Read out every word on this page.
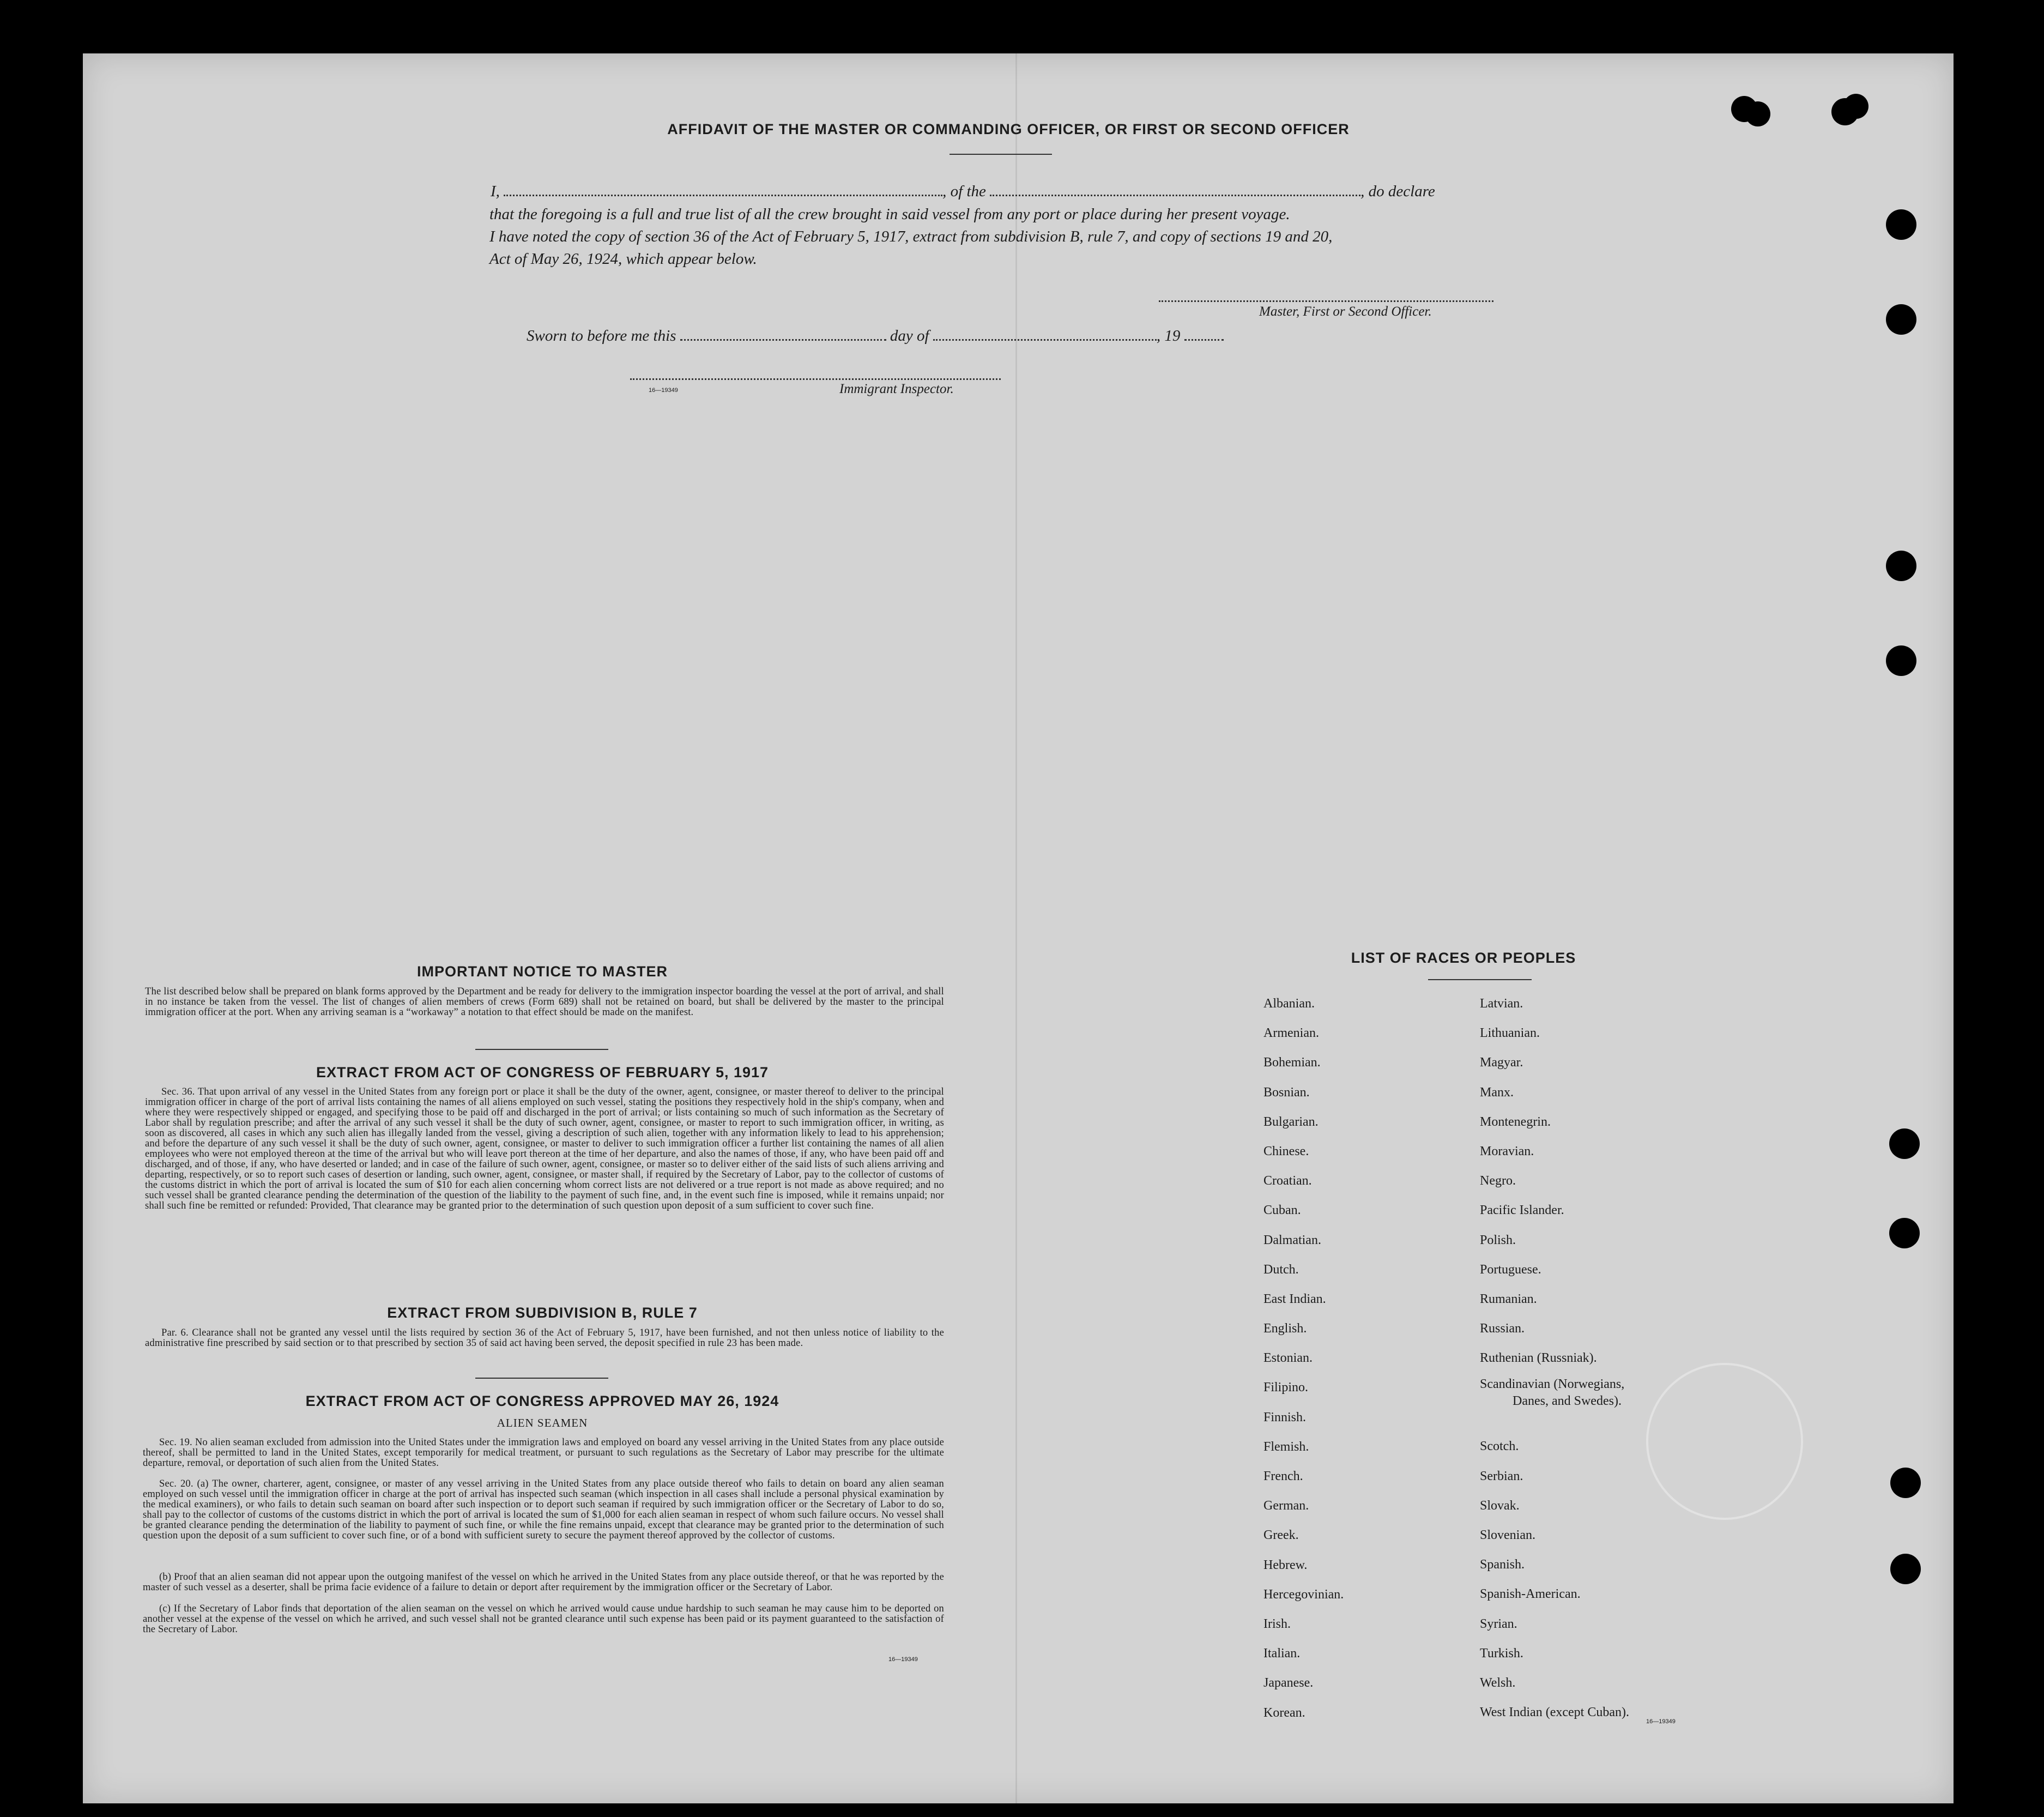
AFFIDAVIT OF THE MASTER OR COMMANDING OFFICER, OR FIRST OR SECOND OFFICER
I,	, of the	, do declare
that the foregoing is a full and true list of all the crew brought in said vessel from any port or place during her present voyage.
I have noted the copy of section 36 of the Act of February 5, 1917, extract from subdivision B, rule 7, and copy of sections 19 and 20,
Act of May 26, 1924, which appear below.
Master, First or Second Officer.
Sworn to before me this	day of	, 19
16—19349	Immigrant Inspector.
IMPORTANT NOTICE TO MASTER
The list described below shall be prepared on blank forms approved by the Department and be ready for delivery to the immigration inspector boarding the vessel at the port of arrival, and shall in no instance be taken from the vessel. The list of changes of alien members of crews (Form 689) shall not be retained on board, but shall be delivered by the master to the principal immigration officer at the port. When any arriving seaman is a “workaway” a notation to that effect should be made on the manifest.
EXTRACT FROM ACT OF CONGRESS OF FEBRUARY 5, 1917
Sec. 36. That upon arrival of any vessel in the United States from any foreign port or place it shall be the duty of the owner, agent, consignee, or master thereof to deliver to the principal immigration officer in charge of the port of arrival lists containing the names of all aliens employed on such vessel, stating the positions they respectively hold in the ship's company, when and where they were respectively shipped or engaged, and specifying those to be paid off and discharged in the port of arrival; or lists containing so much of such information as the Secretary of Labor shall by regulation prescribe; and after the arrival of any such vessel it shall be the duty of such owner, agent, consignee, or master to report to such immigration officer, in writing, as soon as discovered, all cases in which any such alien has illegally landed from the vessel, giving a description of such alien, together with any information likely to lead to his apprehension; and before the departure of any such vessel it shall be the duty of such owner, agent, consignee, or master to deliver to such immigration officer a further list containing the names of all alien employees who were not employed thereon at the time of the arrival but who will leave port thereon at the time of her departure, and also the names of those, if any, who have been paid off and discharged, and of those, if any, who have deserted or landed; and in case of the failure of such owner, agent, consignee, or master so to deliver either of the said lists of such aliens arriving and departing, respectively, or so to report such cases of desertion or landing, such owner, agent, consignee, or master shall, if required by the Secretary of Labor, pay to the collector of customs of the customs district in which the port of arrival is located the sum of $10 for each alien concerning whom correct lists are not delivered or a true report is not made as above required; and no such vessel shall be granted clearance pending the determination of the question of the liability to the payment of such fine, and, in the event such fine is imposed, while it remains unpaid; nor shall such fine be remitted or refunded: Provided, That clearance may be granted prior to the determination of such question upon deposit of a sum sufficient to cover such fine.
EXTRACT FROM SUBDIVISION B, RULE 7
Par. 6. Clearance shall not be granted any vessel until the lists required by section 36 of the Act of February 5, 1917, have been furnished, and not then unless notice of liability to the administrative fine prescribed by said section or to that prescribed by section 35 of said act having been served, the deposit specified in rule 23 has been made.
EXTRACT FROM ACT OF CONGRESS APPROVED MAY 26, 1924
ALIEN SEAMEN
Sec. 19. No alien seaman excluded from admission into the United States under the immigration laws and employed on board any vessel arriving in the United States from any place outside thereof, shall be permitted to land in the United States, except temporarily for medical treatment, or pursuant to such regulations as the Secretary of Labor may prescribe for the ultimate departure, removal, or deportation of such alien from the United States.
Sec. 20. (a) The owner, charterer, agent, consignee, or master of any vessel arriving in the United States from any place outside thereof who fails to detain on board any alien seaman employed on such vessel until the immigration officer in charge at the port of arrival has inspected such seaman (which inspection in all cases shall include a personal physical examination by the medical examiners), or who fails to detain such seaman on board after such inspection or to deport such seaman if required by such immigration officer or the Secretary of Labor to do so, shall pay to the collector of customs of the customs district in which the port of arrival is located the sum of $1,000 for each alien seaman in respect of whom such failure occurs. No vessel shall be granted clearance pending the determination of the liability to payment of such fine, or while the fine remains unpaid, except that clearance may be granted prior to the determination of such question upon the deposit of a sum sufficient to cover such fine, or of a bond with sufficient surety to secure the payment thereof approved by the collector of customs.
(b) Proof that an alien seaman did not appear upon the outgoing manifest of the vessel on which he arrived in the United States from any place outside thereof, or that he was reported by the master of such vessel as a deserter, shall be prima facie evidence of a failure to detain or deport after requirement by the immigration officer or the Secretary of Labor.
(c) If the Secretary of Labor finds that deportation of the alien seaman on the vessel on which he arrived would cause undue hardship to such seaman he may cause him to be deported on another vessel at the expense of the vessel on which he arrived, and such vessel shall not be granted clearance until such expense has been paid or its payment guaranteed to the satisfaction of the Secretary of Labor.
16—19349
LIST OF RACES OR PEOPLES
Albanian.
Armenian.
Bohemian.
Bosnian.
Bulgarian.
Chinese.
Croatian.
Cuban.
Dalmatian.
Dutch.
East Indian.
English.
Estonian.
Filipino.
Finnish.
Flemish.
French.
German.
Greek.
Hebrew.
Hercegovinian.
Irish.
Italian.
Japanese.
Korean.
Latvian.
Lithuanian.
Magyar.
Manx.
Montenegrin.
Moravian.
Negro.
Pacific Islander.
Polish.
Portuguese.
Rumanian.
Russian.
Ruthenian (Russniak).
Scandinavian (Norwegians,
Danes, and Swedes).
Scotch.
Serbian.
Slovak.
Slovenian.
Spanish.
Spanish-American.
Syrian.
Turkish.
Welsh.
West Indian (except Cuban).
16—19349
